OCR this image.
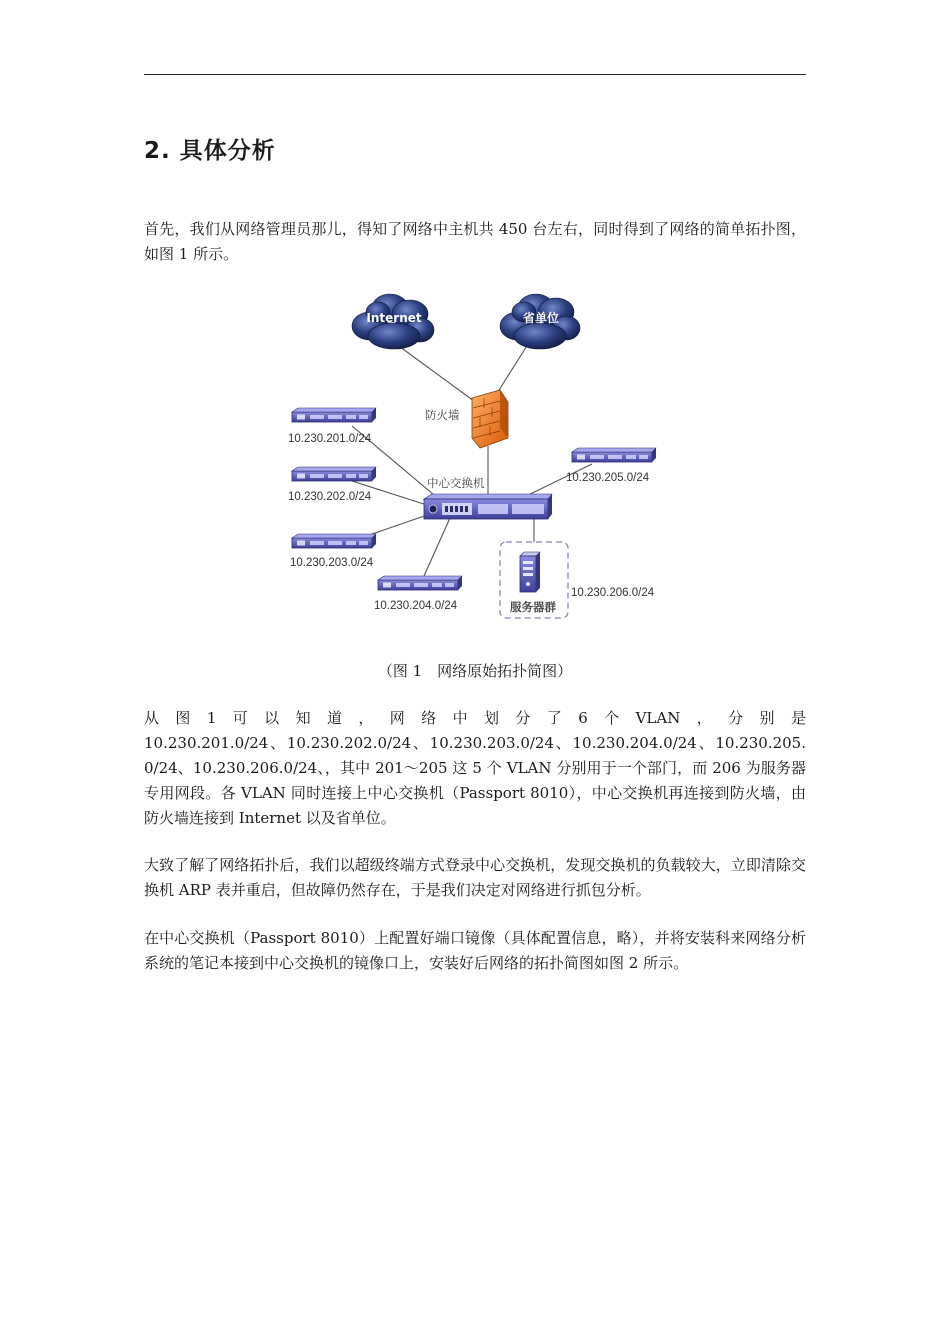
2. 具体分析

首先，我们从网络管理员那儿，得知了网络中主机共 450 台左右，同时得到了网络的简单拓扑图，如图 1 所示。

Internet	省单位
防火墙
中心交换机
10.230.201.0/24
10.230.202.0/24
10.230.203.0/24
10.230.204.0/24
10.230.205.0/24
服务器群
10.230.206.0/24

（图 1　网络原始拓扑简图）

从 图 1 可 以 知 道 ， 网 络 中 划 分 了 6 个 VLAN ， 分 别 是
10.230.201.0/24、10.230.202.0/24、10.230.203.0/24、10.230.204.0/24、10.230.205.0/24、10.230.206.0/24、，其中 201～205 这 5 个 VLAN 分别用于一个部门，而 206 为服务器专用网段。各 VLAN 同时连接上中心交换机（Passport 8010），中心交换机再连接到防火墙，由防火墙连接到 Internet 以及省单位。

大致了解了网络拓扑后，我们以超级终端方式登录中心交换机，发现交换机的负载较大，立即清除交换机 ARP 表并重启，但故障仍然存在，于是我们决定对网络进行抓包分析。

在中心交换机（Passport 8010）上配置好端口镜像（具体配置信息，略），并将安装科来网络分析系统的笔记本接到中心交换机的镜像口上，安装好后网络的拓扑简图如图 2 所示。
